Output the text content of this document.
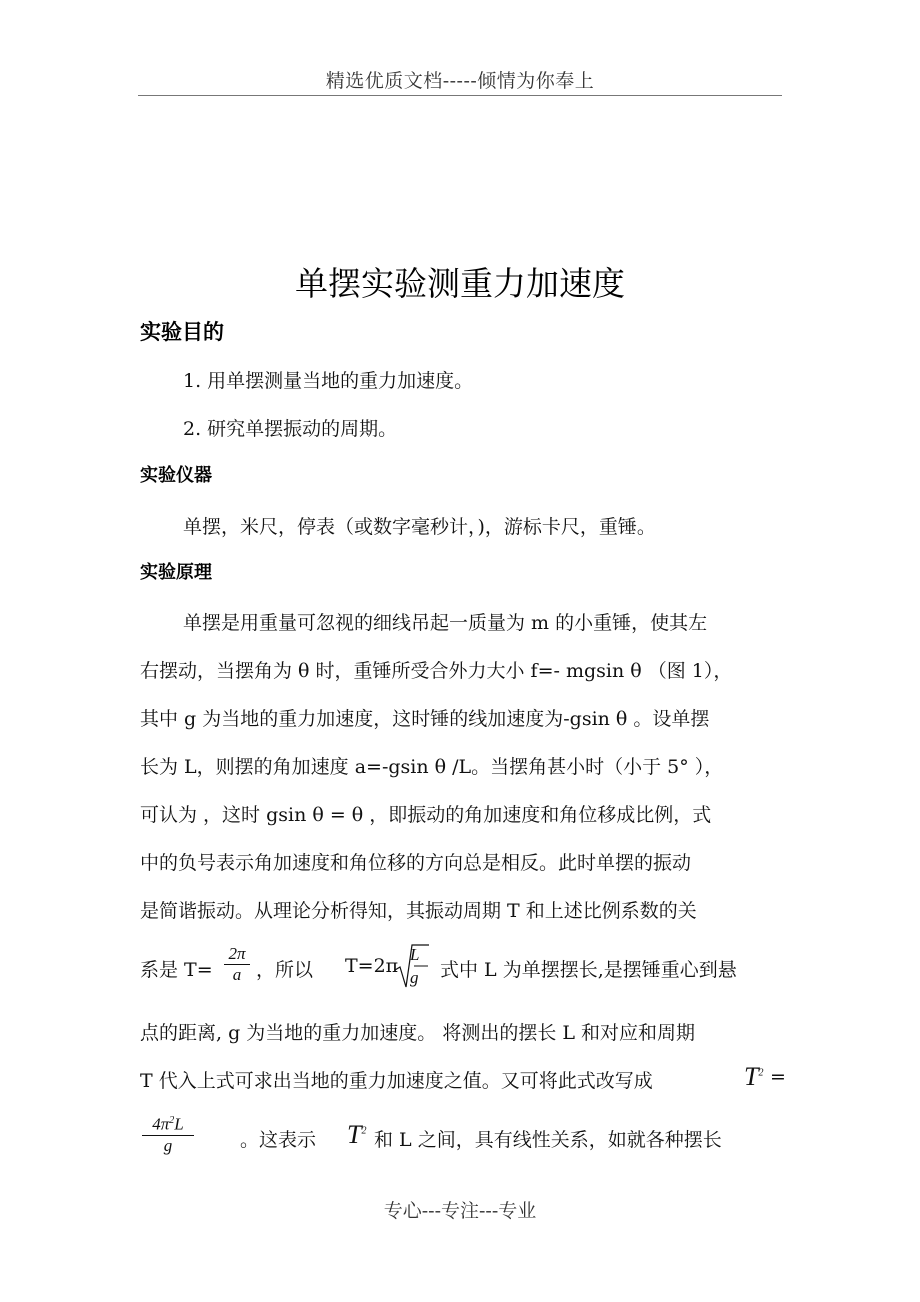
精选优质文档-----倾情为你奉上
单摆实验测重力加速度
实验目的
1. 用单摆测量当地的重力加速度。
2. 研究单摆振动的周期。
实验仪器
单摆，米尺，停表（或数字毫秒计，)，游标卡尺，重锤。
实验原理
单摆是用重量可忽视的细线吊起一质量为 m 的小重锤，使其左
右摆动，当摆角为 θ 时，重锤所受合外力大小 f=- mgsin θ （图 1），
其中 g 为当地的重力加速度，这时锤的线加速度为-gsin θ 。设单摆
长为 L，则摆的角加速度 a=-gsin θ /L。当摆角甚小时（小于 5° ），
可认为 ，这时 gsin θ = θ ，即振动的角加速度和角位移成比例，式
中的负号表示角加速度和角位移的方向总是相反。此时单摆的振动
是简谐振动。从理论分析得知，其振动周期 T 和上述比例系数的关
系是 T=
2π
a ，所以 T=2π
L
g 式中 L 为单摆摆长,是摆锤重心到悬
点的距离, g 为当地的重力加速度。 将测出的摆长 L 和对应和周期
T 代入上式可求出当地的重力加速度之值。又可将此式改写成	$T^2$ =
$4\pi^2L$
g	。这表示 $T^2$ 和 L 之间，具有线性关系，如就各种摆长
专心---专注---专业
